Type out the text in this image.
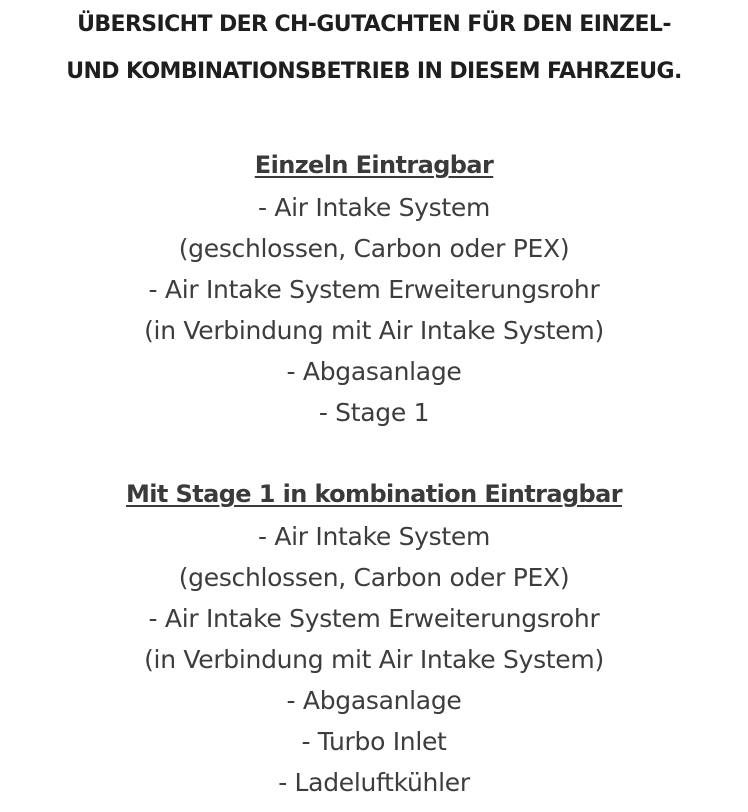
ÜBERSICHT DER CH-GUTACHTEN FÜR DEN EINZEL-
UND KOMBINATIONSBETRIEB IN DIESEM FAHRZEUG.
Einzeln Eintragbar
- Air Intake System
(geschlossen, Carbon oder PEX)
- Air Intake System Erweiterungsrohr
(in Verbindung mit Air Intake System)
- Abgasanlage
- Stage 1
Mit Stage 1 in kombination Eintragbar
- Air Intake System
(geschlossen, Carbon oder PEX)
- Air Intake System Erweiterungsrohr
(in Verbindung mit Air Intake System)
- Abgasanlage
- Turbo Inlet
- Ladeluftkühler
